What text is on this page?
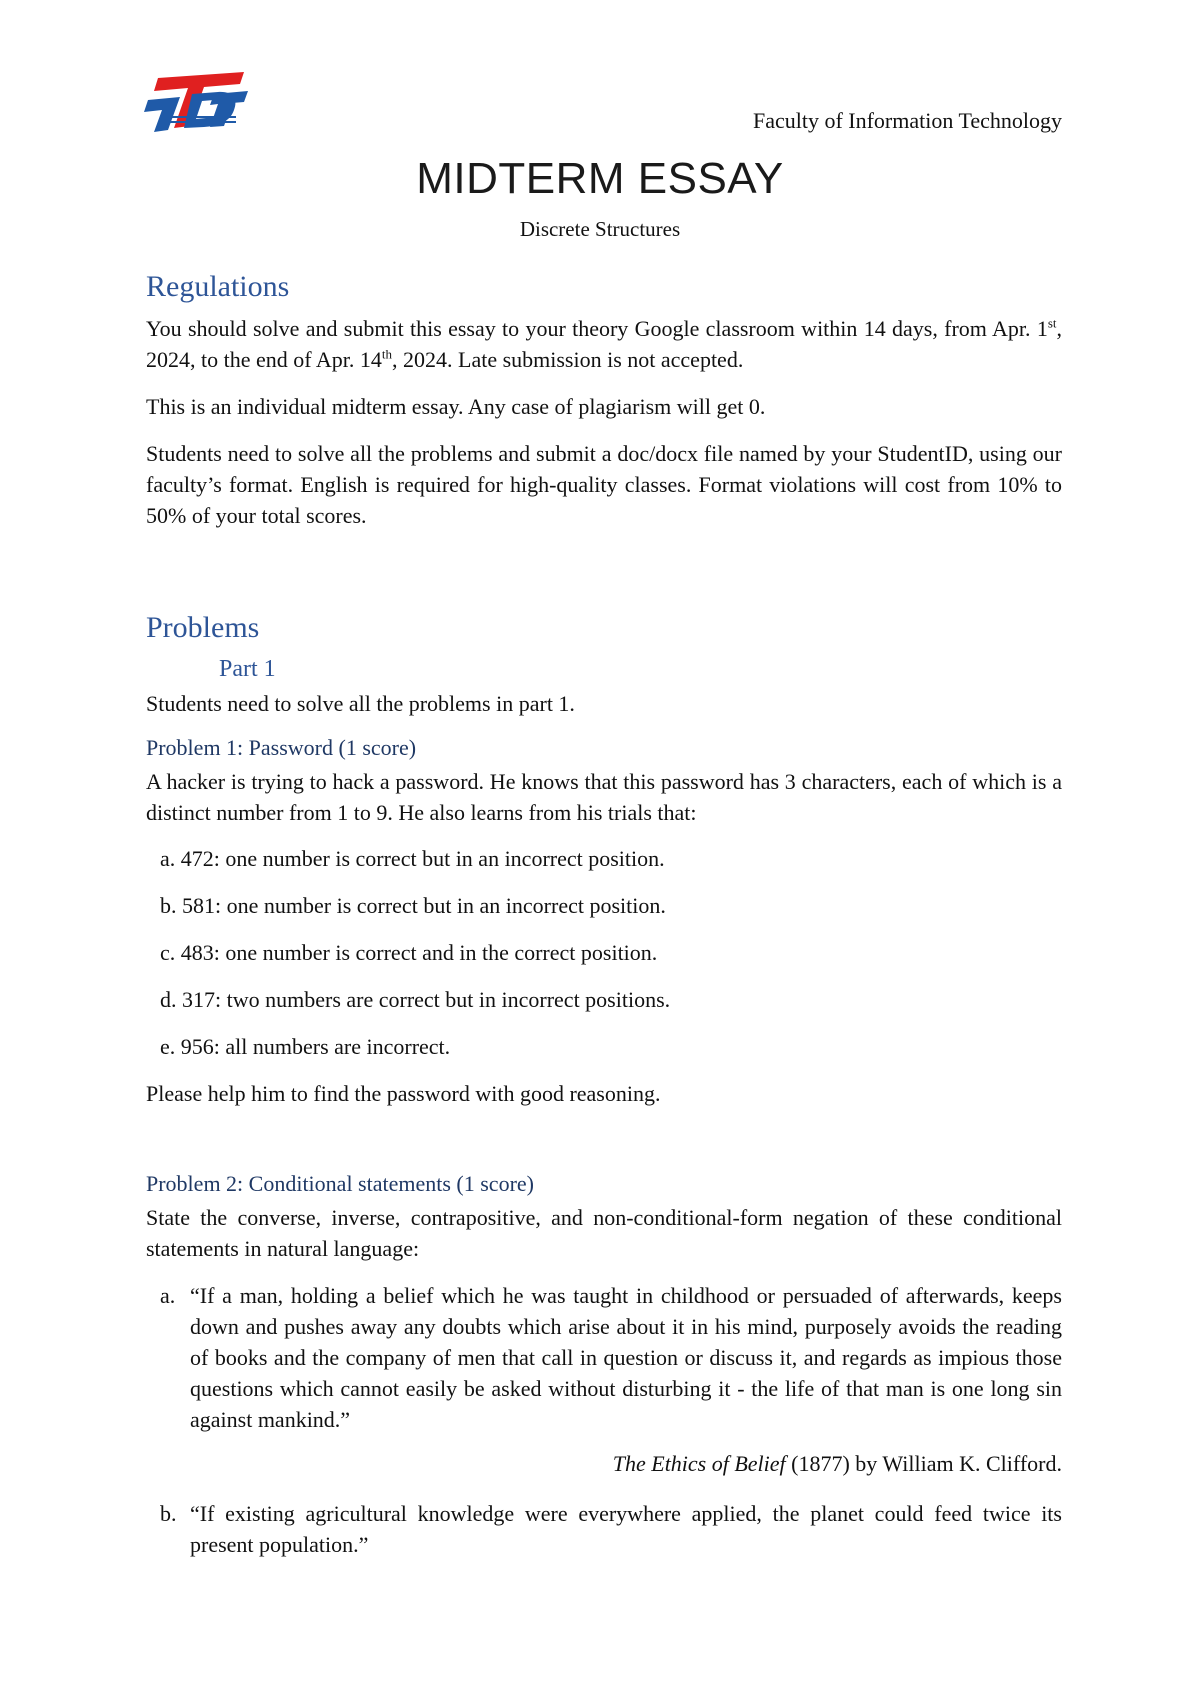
Faculty of Information Technology
MIDTERM ESSAY
Discrete Structures
Regulations
You should solve and submit this essay to your theory Google classroom within 14 days, from Apr. 1st, 2024, to the end of Apr. 14th, 2024. Late submission is not accepted.
This is an individual midterm essay. Any case of plagiarism will get 0.
Students need to solve all the problems and submit a doc/docx file named by your StudentID, using our faculty’s format. English is required for high-quality classes. Format violations will cost from 10% to 50% of your total scores.
Problems
Part 1
Students need to solve all the problems in part 1.
Problem 1: Password (1 score)
A hacker is trying to hack a password. He knows that this password has 3 characters, each of which is a distinct number from 1 to 9. He also learns from his trials that:
a. 472: one number is correct but in an incorrect position.
b. 581: one number is correct but in an incorrect position.
c. 483: one number is correct and in the correct position.
d. 317: two numbers are correct but in incorrect positions.
e. 956: all numbers are incorrect.
Please help him to find the password with good reasoning.
Problem 2: Conditional statements (1 score)
State the converse, inverse, contrapositive, and non-conditional-form negation of these conditional statements in natural language:
a. “If a man, holding a belief which he was taught in childhood or persuaded of afterwards, keeps down and pushes away any doubts which arise about it in his mind, purposely avoids the reading of books and the company of men that call in question or discuss it, and regards as impious those questions which cannot easily be asked without disturbing it - the life of that man is one long sin against mankind.”
The Ethics of Belief (1877) by William K. Clifford.
b. “If existing agricultural knowledge were everywhere applied, the planet could feed twice its present population.”
